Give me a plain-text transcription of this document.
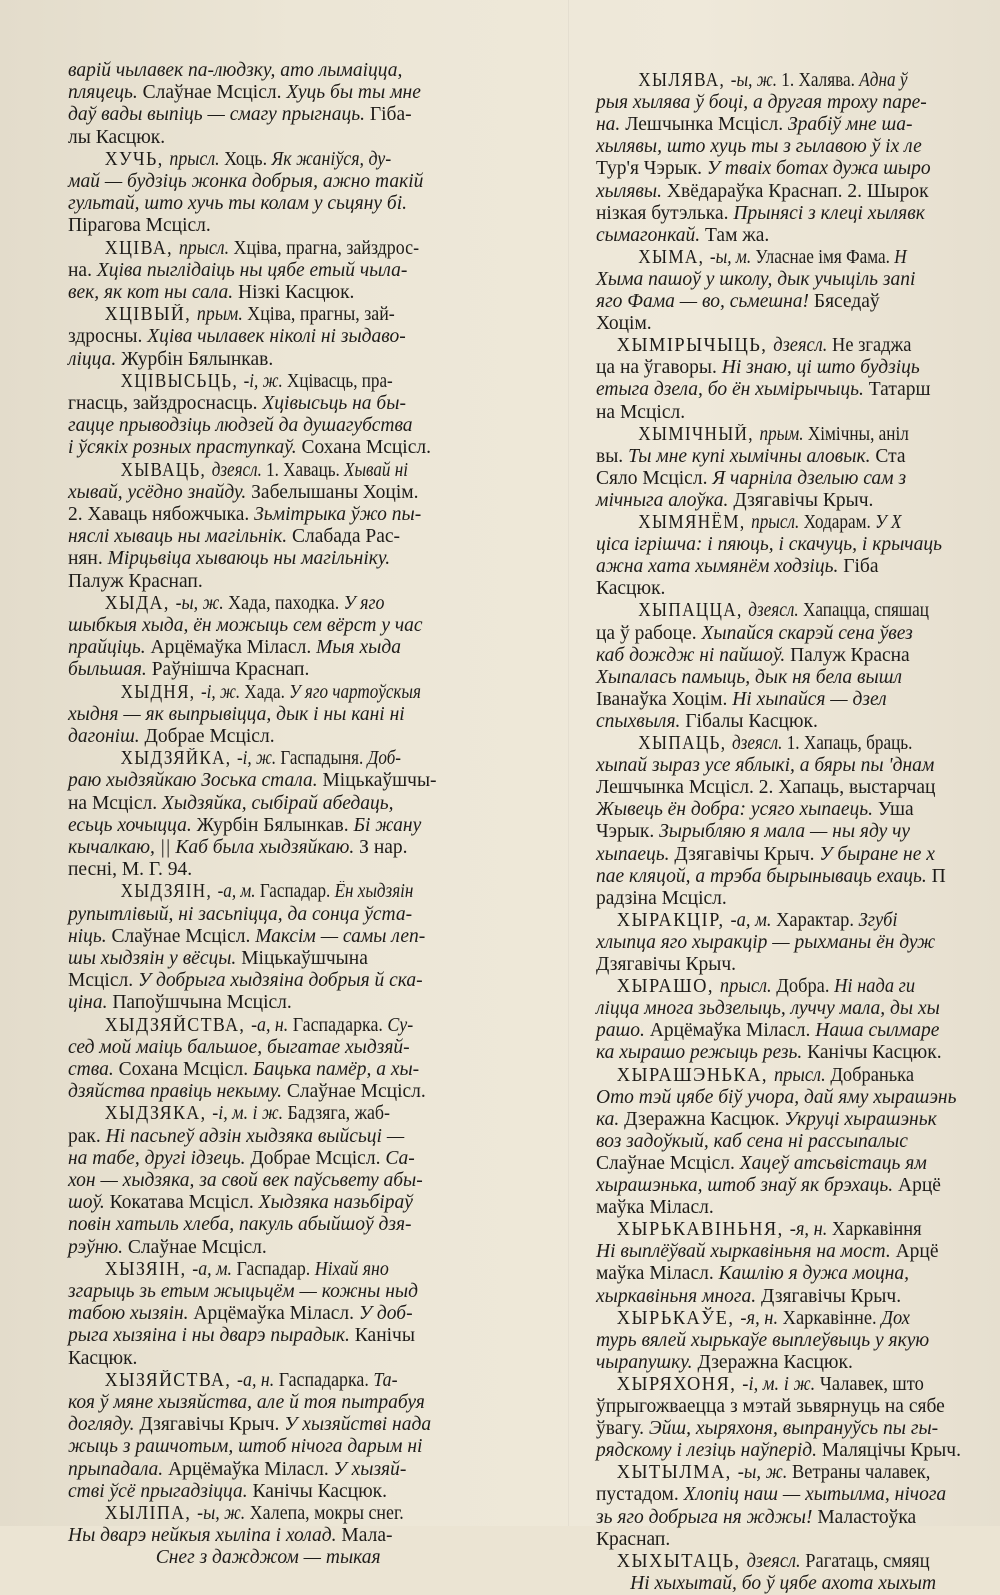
варій чылавек па-людзку, ато лымаіцца,
пляцець. Слаўнае Мсцісл. Хуць бы ты мне
даў вады выпіць — смагу прыгнаць. Гіба-
лы Касцюк.
ХУЧЬ, прысл. Хоць. Як жаніўся, ду-
май — будзіць жонка добрыя, ажно такій
гультай, што хучь ты колам у сьцяну бі.
Пірагова Мсцісл.
ХЦІВА, прысл. Хціва, прагна, зайздрос-
на. Хціва пыглідаіць ны цябе етый чыла-
век, як кот ны сала. Нізкі Касцюк.
ХЦІВЫЙ, прым. Хціва, прагны, зай-
здросны. Хціва чылавек ніколі ні зыдаво-
ліцца. Журбін Бялынкав.
ХЦІВЫСЬЦЬ, -і, ж. Хцівасць, пра-
гнасць, зайздроснасць. Хцівысьць на бы-
гацце прыводзіць людзей да душагубства
і ўсякіх розных праступкаў. Сохана Мсцісл.
ХЫВАЦЬ, дзеясл. 1. Хаваць. Хывай ні
хывай, усёдно знайду. Забелышаны Хоцім.
2. Хаваць нябожчыка. Зьмітрыка ўжо пы-
няслі хываць ны магільнік. Слабада Рас-
нян. Мірцьвіца хываюць ны магільніку.
Палуж Краснап.
ХЫДА, -ы, ж. Хада, паходка. У яго
шыбкыя хыда, ён можыць сем вёрст у час
прайціць. Арцёмаўка Мілаcл. Мыя хыда
быльшая. Раўнішча Краснап.
ХЫДНЯ, -і, ж. Хада. У яго чартоўскыя
хыдня — як выпрывіцца, дык і ны кані ні
дагоніш. Добрае Мсцісл.
ХЫДЗЯЙКА, -і, ж. Гаспадыня. Доб-
раю хыдзяйкаю Зоська стала. Міцькаўшчы-
на Мсцісл. Хыдзяйка, сыбірай абедаць,
есьць хочыцца. Журбін Бялынкав. Бі жану
кычалкаю, || Каб была хыдзяйкаю. З нар.
песні, М. Г. 94.
ХЫДЗЯІН, -а, м. Гаспадар. Ён хыдзяін
рупытлівый, ні засьпіцца, да сонца ўста-
ніць. Слаўнае Мсцісл. Максім — самы леп-
шы хыдзяін у вёсцы. Міцькаўшчына
Мсцісл. У добрыга хыдзяіна добрыя й ска-
ціна. Папоўшчына Мсцісл.
ХЫДЗЯЙСТВА, -а, н. Гаспадарка. Су-
сед мой маіць бальшое, быгатае хыдзяй-
ства. Сохана Мсцісл. Бацька памёр, а хы-
дзяйства правіць некыму. Слаўнае Мсцісл.
ХЫДЗЯКА, -і, м. і ж. Бадзяга, жаб-
рак. Ні пасьпеў адзін хыдзяка выйсьці —
на табе, другі ідзець. Добрае Мсцісл. Са-
хон — хыдзяка, за свой век паўсьвету абы-
шоў. Кокатава Мсцісл. Хыдзяка назьбіраў
повін хатыль хлеба, пакуль абыйшоў дзя-
рэўню. Слаўнае Мсцісл.
ХЫЗЯІН, -а, м. Гаспадар. Ніхай яно
згарыць зь етым жыцьцём — кожны ныд
табою хызяін. Арцёмаўка Мілаcл. У доб-
рыга хызяіна і ны дварэ пырадык. Канічы
Касцюк.
ХЫЗЯЙСТВА, -а, н. Гаспадарка. Та-
коя ў мяне хызяйства, але й тоя пытрабуя
догляду. Дзягавічы Крыч. У хызяйстві нада
жыць з рашчотым, штоб нічога дарым ні
прыпадала. Арцёмаўка Мілаcл. У хызяй-
стві ўсё прыгадзіцца. Канічы Касцюк.
ХЫЛІПА, -ы, ж. Халепа, мокры снег.
Ны дварэ нейкыя хыліпа і холад. Мала-
Снег з дажджом — тыкая
ХЫЛЯВА, -ы, ж. 1. Халява. Адна ў
рыя хылява ў боці, а другая троху паре-
на. Лешчынка Мсцісл. Зрабіў мне ша-
хылявы, што хуць ты з гылавою ў іх ле
Тур'я Чэрык. У тваіх ботах дужа шыро
хылявы. Хвёдараўка Краснап. 2. Шырок
нізкая бутэлька. Прынясі з клеці хылявк
сымагонкай. Там жа.
ХЫМА, -ы, м. Уласнае імя Фама. Н
Хыма пашоў у школу, дык учыціль запі
яго Фама — во, сьмешна! Бяседаў
Хоцім.
ХЫМІРЫЧЫЦЬ, дзеясл. Не згаджа
ца на ўгаворы. Ні знаю, ці што будзіць
етыга дзела, бо ён хымірычыць. Татарш
на Мсцісл.
ХЫМІЧНЫЙ, прым. Хімічны, аніл
вы. Ты мне купі хымічны аловык. Ста
Сяло Мсцісл. Я чарніла дзелыю сам з
мічныга алоўка. Дзягавічы Крыч.
ХЫМЯНЁМ, прысл. Ходарам. У Х
ціса ігрішча: і пяюць, і скачуць, і крычаць
ажна хата хымянём ходзіць. Гіба
Касцюк.
ХЫПАЦЦА, дзеясл. Хапацца, спяшац
ца ў рабоце. Хыпайся скарэй сена ўвез
каб дождж ні пайшоў. Палуж Красна
Хыпалась памыць, дык ня бела вышл
Іванаўка Хоцім. Ні хыпайся — дзел
спыхвыля. Гібалы Касцюк.
ХЫПАЦЬ, дзеясл. 1. Хапаць, браць.
хыпай зыраз усе яблыкі, а бяры пы 'днам
Лешчынка Мсцісл. 2. Хапаць, выстарчац
Жывець ён добра: усяго хыпаець. Уша
Чэрык. Зырыбляю я мала — ны яду чу
хыпаець. Дзягавічы Крыч. У быране не х
пае кляцой, а трэба бырынываць ехаць. П
радзіна Мсцісл.
ХЫРАКЦІР, -а, м. Характар. Згубі
хлыпца яго хыракцір — рыхманы ён дуж
Дзягавічы Крыч.
ХЫРАШО, прысл. Добра. Ні нада ги
ліцца многа зьдзелыць, луччу мала, ды хы
рашо. Арцёмаўка Мілаcл. Наша сылмаре
ка хырашо режыць резь. Канічы Касцюк.
ХЫРАШЭНЬКА, прысл. Добранька
Ото тэй цябе біў учора, дай яму хырашэнь
ка. Дзеражна Касцюк. Укруці хырашэньк
воз задоўкый, каб сена ні рассыпалыс
Слаўнае Мсцісл. Хацеў атсьвістаць ям
хырашэнька, штоб знаў як брэхаць. Арцё
маўка Мілаcл.
ХЫРЬКАВІНЬНЯ, -я, н. Харкавіння
Ні выплёўвай хыркавіньня на мост. Арцё
маўка Мілаcл. Кашлію я дужа моцна,
хыркавіньня многа. Дзягавічы Крыч.
ХЫРЬКАЎЕ, -я, н. Харкавіннe. Дох
турь вялей хырькаўе выплеўвыць у якую
чырапушку. Дзеражна Касцюк.
ХЫРЯХОНЯ, -і, м. і ж. Чалавек, што
ўпрыгожваецца з мэтай зьвярнуць на сябе
ўвагу. Эйш, хыряхоня, выпрануўсь пы гы-
рядскому і лезіць наўперід. Маляцічы Крыч.
ХЫТЫЛМА, -ы, ж. Ветраны чалавек,
пустадом. Хлопіц наш — хытылма, нічога
зь яго добрыга ня жджы! Маластоўка
Краснап.
ХЫХЫТАЦЬ, дзеясл. Рагатаць, смяяц
Ні хыхытай, бо ў цябе ахота хыхыт
